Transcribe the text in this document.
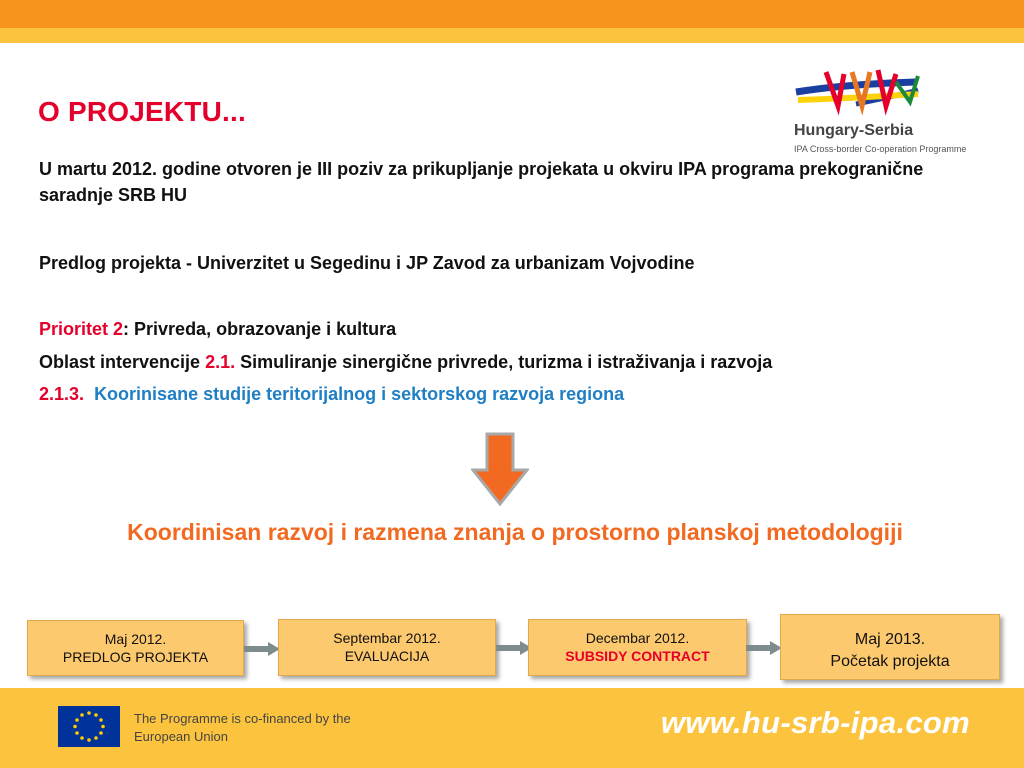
O PROJEKTU...
Hungary-Serbia
IPA Cross-border Co-operation Programme
U martu 2012. godine otvoren je III poziv za prikupljanje projekata u okviru IPA programa prekogranične saradnje SRB HU
Predlog projekta - Univerzitet u Segedinu i JP Zavod za urbanizam Vojvodine
Prioritet 2: Privreda, obrazovanje i kultura
Oblast intervencije 2.1. Simuliranje sinergične privrede, turizma i istraživanja i razvoja
2.1.3. Koorinisane studije teritorijalnog i sektorskog razvoja regiona
Koordinisan razvoj i razmena znanja o prostorno planskoj metodologiji
Maj 2012.
PREDLOG PROJEKTA
Septembar 2012.
EVALUACIJA
Decembar 2012.
SUBSIDY CONTRACT
Maj 2013.
Početak projekta
The Programme is co-financed by the
European Union	www.hu-srb-ipa.com
